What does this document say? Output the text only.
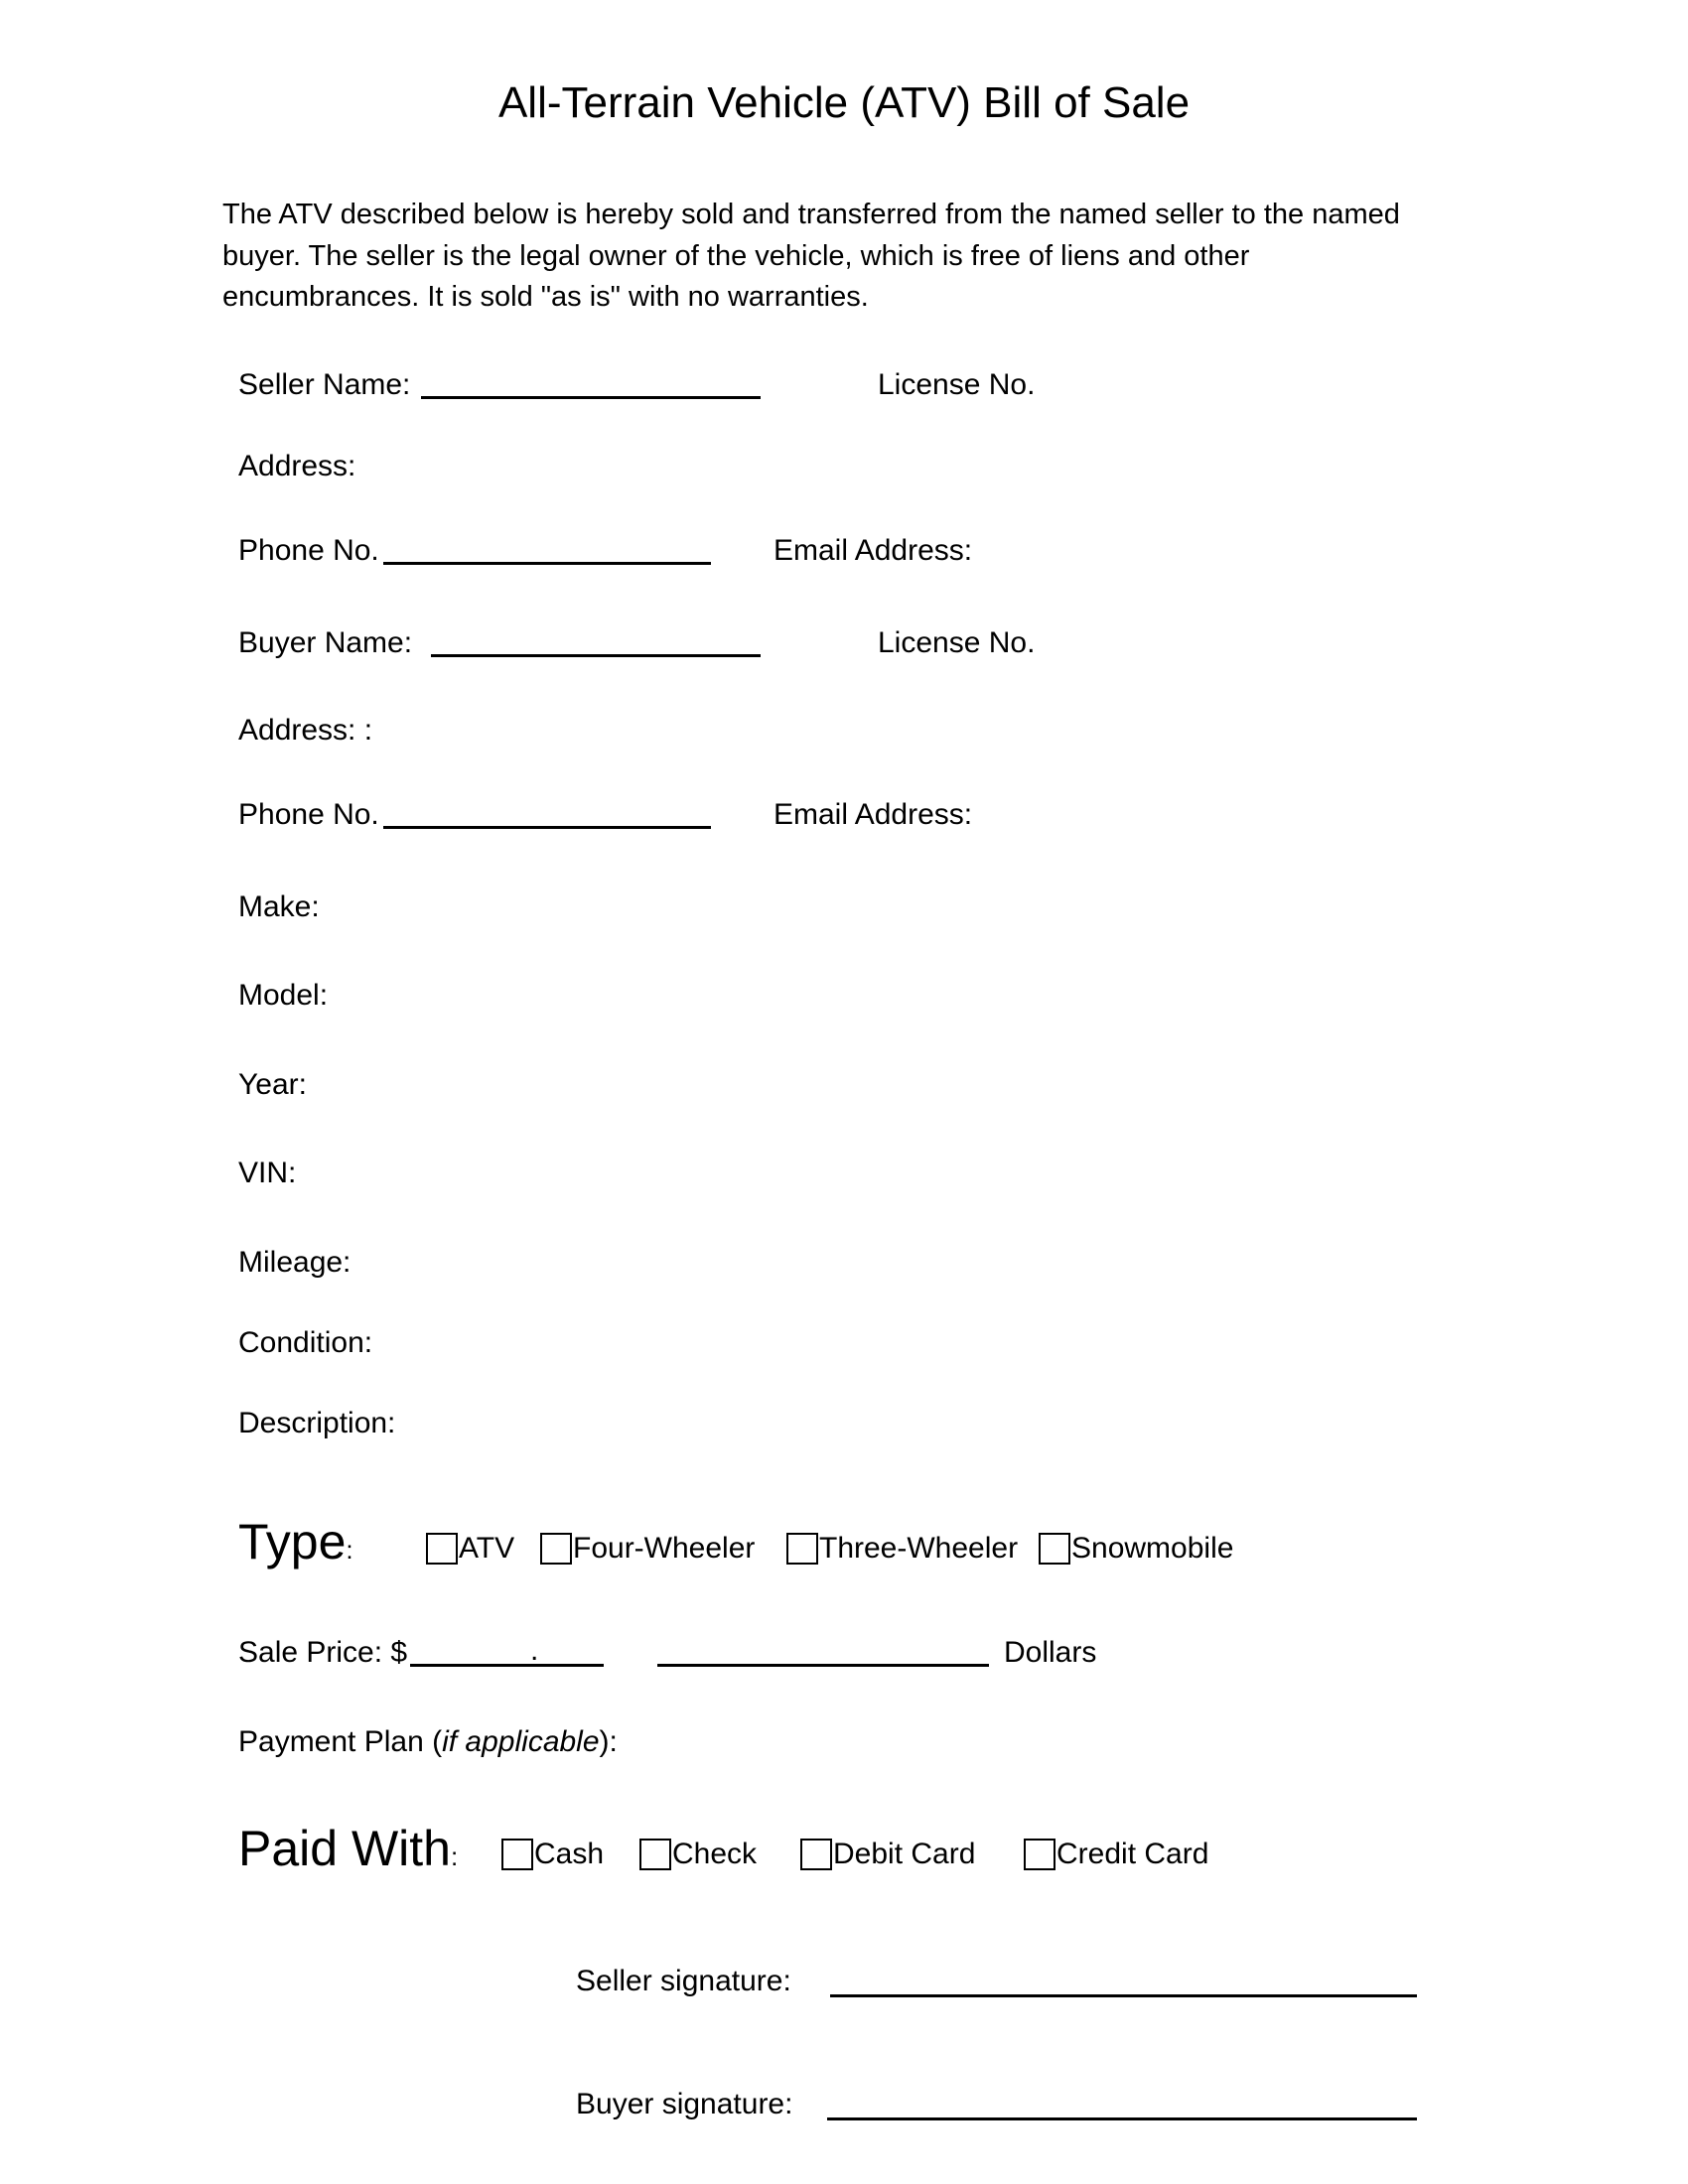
All-Terrain Vehicle (ATV) Bill of Sale
The ATV described below is hereby sold and transferred from the named seller to the named buyer. The seller is the legal owner of the vehicle, which is free of liens and other encumbrances. It is sold "as is" with no warranties.
Seller Name:	License No.
Address:
Phone No.	Email Address:
Buyer Name:	License No.
Address: :
Phone No.	Email Address:
Make:
Model:
Year:
VIN:
Mileage:
Condition:
Description:
Type:	ATV Four-Wheeler Three-Wheeler Snowmobile
Sale Price: $	.	Dollars
Payment Plan (if applicable):
Paid With:	Cash Check	Debit Card	Credit Card
Seller signature:
Buyer signature:
